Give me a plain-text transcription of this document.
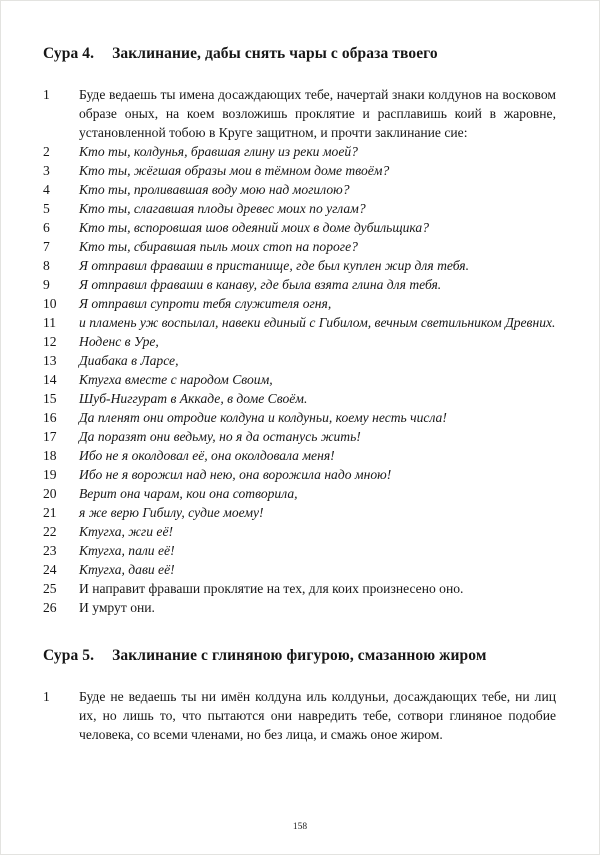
Сура 4. Заклинание, дабы снять чары с образа твоего
1	Буде ведаешь ты имена досаждающих тебе, начертай знаки колдунов на восковом образе оных, на коем возложишь проклятие и расплавишь коий в жаровне, установленной тобою в Круге защитном, и прочти заклинание сие:
2	Кто ты, колдунья, бравшая глину из реки моей?
3	Кто ты, жёгшая образы мои в тёмном доме твоём?
4	Кто ты, проливавшая воду мою над могилою?
5	Кто ты, слагавшая плоды древес моих по углам?
6	Кто ты, вспоровшая шов одеяний моих в доме дубильщика?
7	Кто ты, сбиравшая пыль моих стоп на пороге?
8	Я отправил фраваши в пристанище, где был куплен жир для тебя.
9	Я отправил фраваши в канаву, где была взята глина для тебя.
10	Я отправил супроти тебя служителя огня,
11	и пламень уж воспылал, навеки единый с Гибилом, вечным светильником Древних.
12	Ноденс в Уре,
13	Диабака в Ларсе,
14	Ктугха вместе с народом Своим,
15	Шуб-Ниггурат в Аккаде, в доме Своём.
16	Да пленят они отродие колдуна и колдуньи, коему несть числа!
17	Да поразят они ведьму, но я да останусь жить!
18	Ибо не я околдовал её, она околдовала меня!
19	Ибо не я ворожил над нею, она ворожила надо мною!
20	Верит она чарам, кои она сотворила,
21	я же верю Гибилу, судие моему!
22	Ктугха, жги её!
23	Ктугха, пали её!
24	Ктугха, дави её!
25	И направит фраваши проклятие на тех, для коих произнесено оно.
26	И умрут они.
Сура 5. Заклинание с глиняною фигурою, смазанною жиром
1	Буде не ведаешь ты ни имён колдуна иль колдуньи, досаждающих тебе, ни лиц их, но лишь то, что пытаются они навредить тебе, сотвори глиняное подобие человека, со всеми членами, но без лица, и смажь оное жиром.
158
